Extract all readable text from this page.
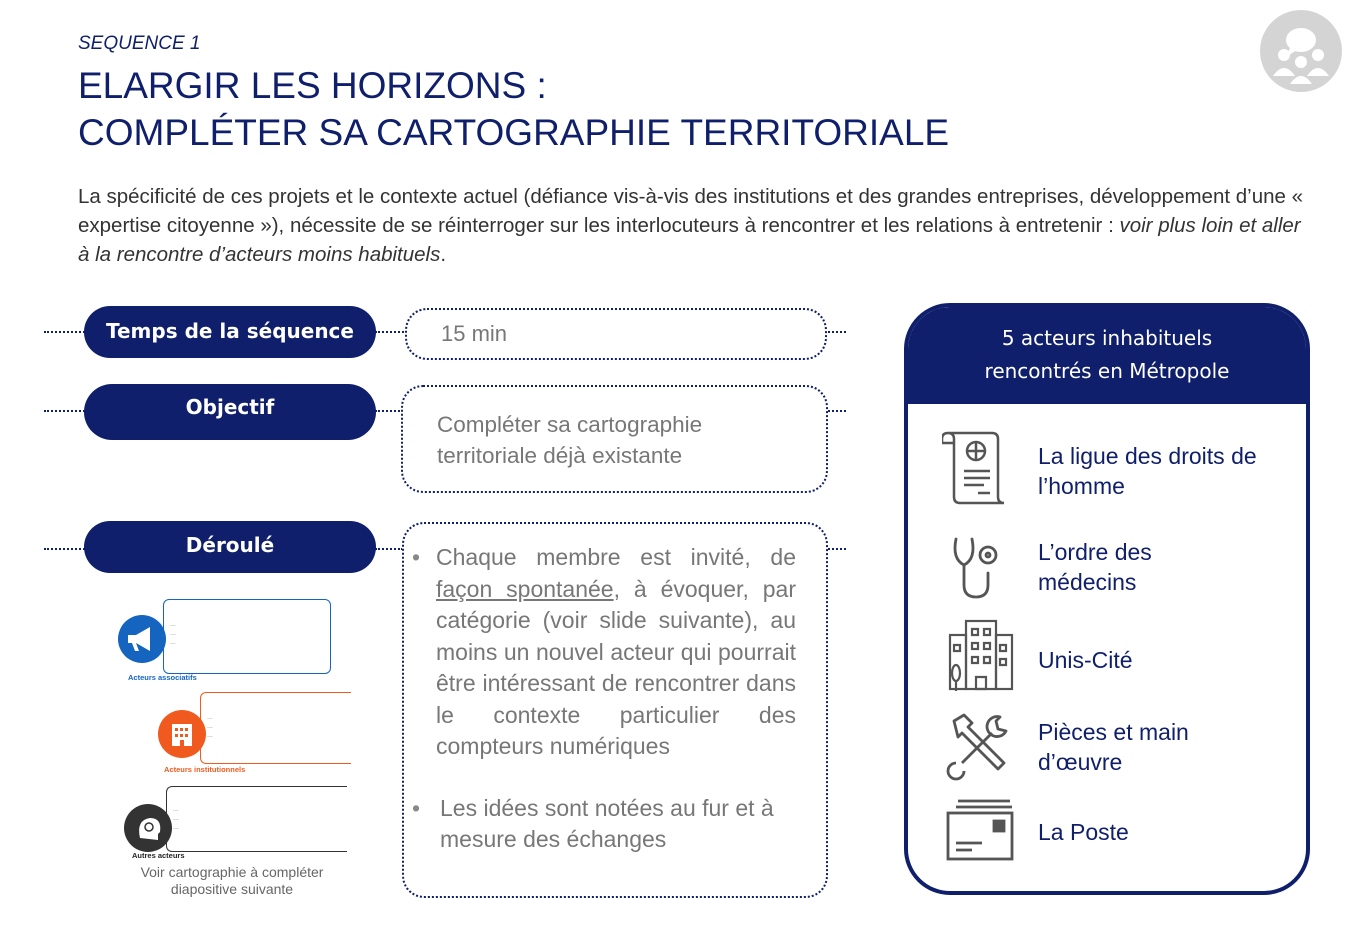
SEQUENCE 1
ELARGIR LES HORIZONS :
COMPLÉTER SA CARTOGRAPHIE TERRITORIALE
La spécificité de ces projets et le contexte actuel (défiance vis-à-vis des institutions et des grandes entreprises, développement d’une « expertise citoyenne »), nécessite de se réinterroger sur les interlocuteurs à rencontrer et les relations à entretenir : voir plus loin et aller à la rencontre d’acteurs moins habituels.
Temps de la séquence	15 min
Objectif
Compléter sa cartographie territoriale déjà existante
Déroulé
•	Chaque membre est invité, de façon spontanée, à évoquer, par catégorie (voir slide suivante), au moins un nouvel acteur qui pourrait être intéressant de rencontrer dans le contexte particulier des compteurs numériques
• Les idées sont notées au fur et à mesure des échanges
...
...
...
Acteurs associatifs
...
...
...
Acteurs institutionnels
...
...
...
Autres acteurs
Voir cartographie à compléter diapositive suivante
5 acteurs inhabituels
rencontrés en Métropole
La ligue des droits de l’homme
L’ordre des médecins
Unis-Cité
Pièces et main d’œuvre
La Poste
